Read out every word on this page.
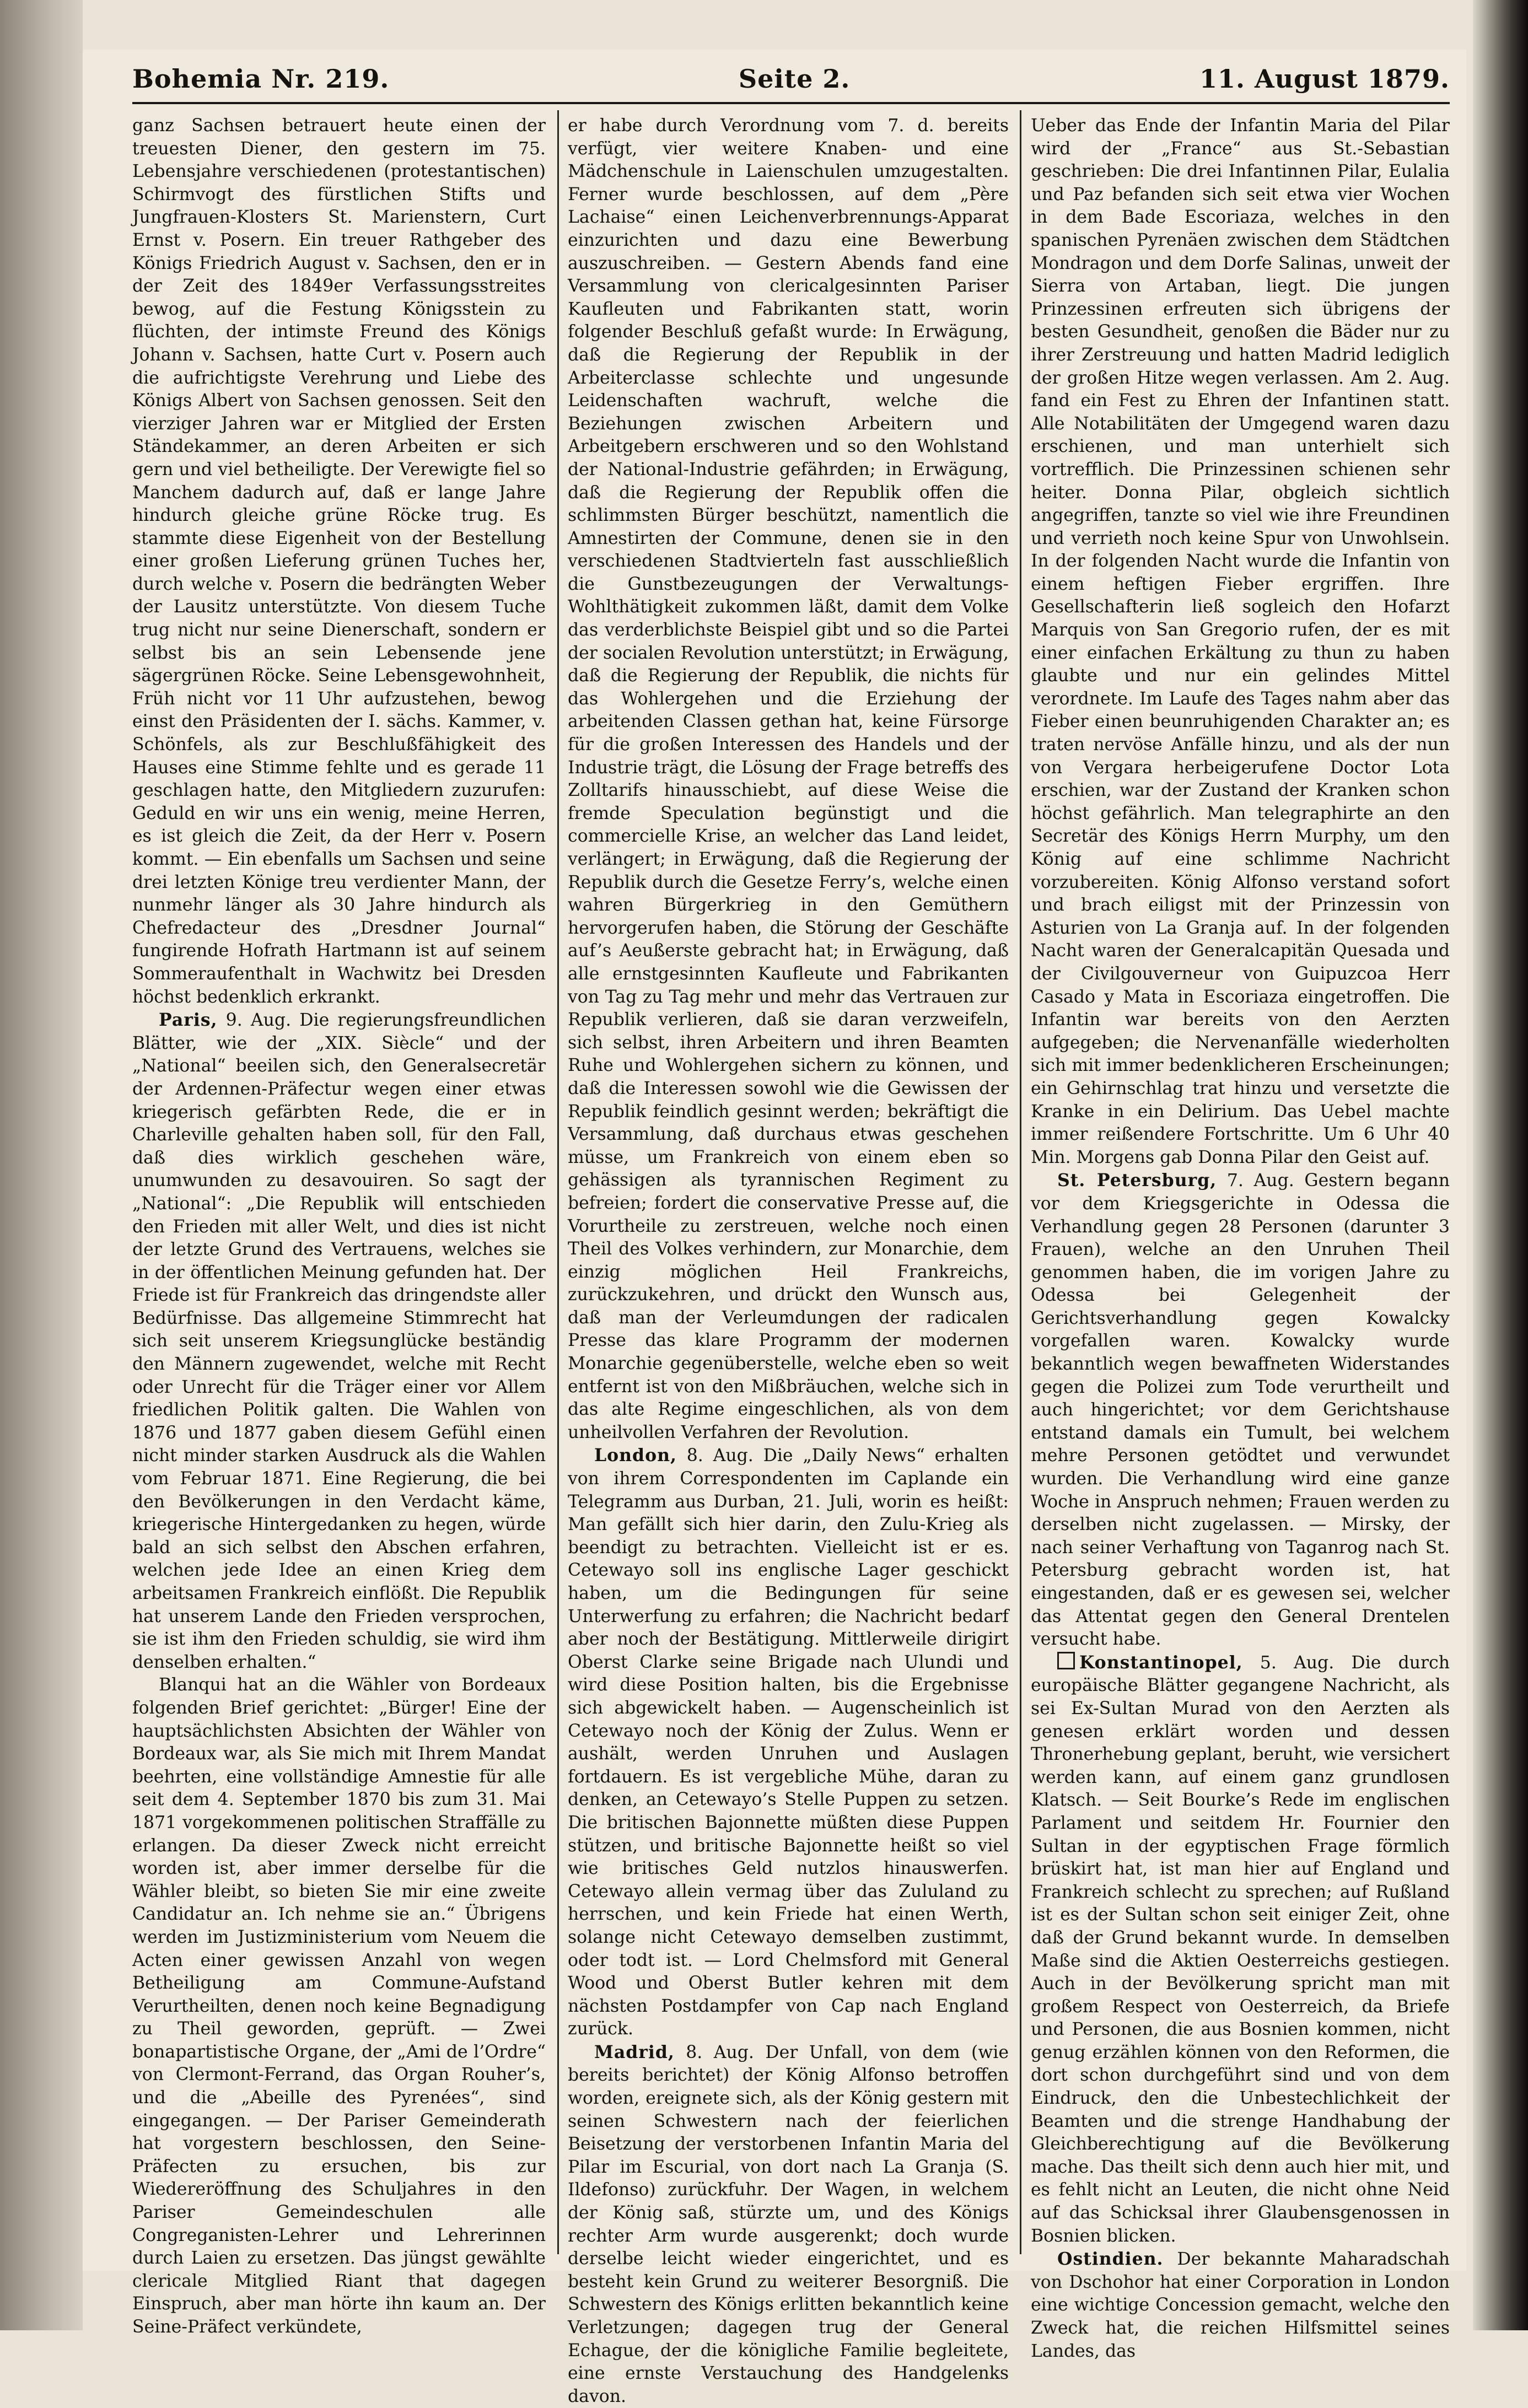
Bohemia Nr. 219.	Seite 2.	11. August 1879.

ganz Sachsen betrauert heute einen der treuesten Diener, den gestern im 75. Lebensjahre verschiedenen (protestantischen) Schirmvogt des fürstlichen Stifts und Jungfrauen-Klosters St. Marienstern, Curt Ernst v. Posern. Ein treuer Rathgeber des Königs Friedrich August v. Sachsen, den er in der Zeit des 1849er Verfassungsstreites bewog, auf die Festung Königsstein zu flüchten, der intimste Freund des Königs Johann v. Sachsen, hatte Curt v. Posern auch die aufrichtigste Verehrung und Liebe des Königs Albert von Sachsen genossen. Seit den vierziger Jahren war er Mitglied der Ersten Ständekammer, an deren Arbeiten er sich gern und viel betheiligte. Der Verewigte fiel so Manchem dadurch auf, daß er lange Jahre hindurch gleiche grüne Röcke trug. Es stammte diese Eigenheit von der Bestellung einer großen Lieferung grünen Tuches her, durch welche v. Posern die bedrängten Weber der Lausitz unterstützte. Von diesem Tuche trug nicht nur seine Dienerschaft, sondern er selbst bis an sein Lebensende jene sägergrünen Röcke. Seine Lebensgewohnheit, Früh nicht vor 11 Uhr aufzustehen, bewog einst den Präsidenten der I. sächs. Kammer, v. Schönfels, als zur Beschlußfähigkeit des Hauses eine Stimme fehlte und es gerade 11 geschlagen hatte, den Mitgliedern zuzurufen: Geduld en wir uns ein wenig, meine Herren, es ist gleich die Zeit, da der Herr v. Posern kommt. — Ein ebenfalls um Sachsen und seine drei letzten Könige treu verdienter Mann, der nunmehr länger als 30 Jahre hindurch als Chefredacteur des „Dresdner Journal“ fungirende Hofrath Hartmann ist auf seinem Sommeraufenthalt in Wachwitz bei Dresden höchst bedenklich erkrankt.

Paris, 9. Aug. Die regierungsfreundlichen Blätter, wie der „XIX. Siècle“ und der „National“ beeilen sich, den Generalsecretär der Ardennen-Präfectur wegen einer etwas kriegerisch gefärbten Rede, die er in Charleville gehalten haben soll, für den Fall, daß dies wirklich geschehen wäre, unumwunden zu desavouiren. So sagt der „National“: „Die Republik will entschieden den Frieden mit aller Welt, und dies ist nicht der letzte Grund des Vertrauens, welches sie in der öffentlichen Meinung gefunden hat. Der Friede ist für Frankreich das dringendste aller Bedürfnisse. Das allgemeine Stimmrecht hat sich seit unserem Kriegsunglücke beständig den Männern zugewendet, welche mit Recht oder Unrecht für die Träger einer vor Allem friedlichen Politik galten. Die Wahlen von 1876 und 1877 gaben diesem Gefühl einen nicht minder starken Ausdruck als die Wahlen vom Februar 1871. Eine Regierung, die bei den Bevölkerungen in den Verdacht käme, kriegerische Hintergedanken zu hegen, würde bald an sich selbst den Abschen erfahren, welchen jede Idee an einen Krieg dem arbeitsamen Frankreich einflößt. Die Republik hat unserem Lande den Frieden versprochen, sie ist ihm den Frieden schuldig, sie wird ihm denselben erhalten.“

Blanqui hat an die Wähler von Bordeaux folgenden Brief gerichtet: „Bürger! Eine der hauptsächlichsten Absichten der Wähler von Bordeaux war, als Sie mich mit Ihrem Mandat beehrten, eine vollständige Amnestie für alle seit dem 4. September 1870 bis zum 31. Mai 1871 vorgekommenen politischen Straffälle zu erlangen. Da dieser Zweck nicht erreicht worden ist, aber immer derselbe für die Wähler bleibt, so bieten Sie mir eine zweite Candidatur an. Ich nehme sie an.“ Übrigens werden im Justizministerium vom Neuem die Acten einer gewissen Anzahl von wegen Betheiligung am Commune-Aufstand Verurtheilten, denen noch keine Begnadigung zu Theil geworden, geprüft. — Zwei bonapartistische Organe, der „Ami de l’Ordre“ von Clermont-Ferrand, das Organ Rouher’s, und die „Abeille des Pyrenées“, sind eingegangen. — Der Pariser Gemeinderath hat vorgestern beschlossen, den Seine-Präfecten zu ersuchen, bis zur Wiedereröffnung des Schuljahres in den Pariser Gemeindeschulen alle Congreganisten-Lehrer und Lehrerinnen durch Laien zu ersetzen. Das jüngst gewählte clericale Mitglied Riant that dagegen Einspruch, aber man hörte ihn kaum an. Der Seine-Präfect verkündete,

er habe durch Verordnung vom 7. d. bereits verfügt, vier weitere Knaben- und eine Mädchenschule in Laienschulen umzugestalten. Ferner wurde beschlossen, auf dem „Père Lachaise“ einen Leichenverbrennungs-Apparat einzurichten und dazu eine Bewerbung auszuschreiben. — Gestern Abends fand eine Versammlung von clericalgesinnten Pariser Kaufleuten und Fabrikanten statt, worin folgender Beschluß gefaßt wurde: In Erwägung, daß die Regierung der Republik in der Arbeiterclasse schlechte und ungesunde Leidenschaften wachruft, welche die Beziehungen zwischen Arbeitern und Arbeitgebern erschweren und so den Wohlstand der National-Industrie gefährden; in Erwägung, daß die Regierung der Republik offen die schlimmsten Bürger beschützt, namentlich die Amnestirten der Commune, denen sie in den verschiedenen Stadtvierteln fast ausschließlich die Gunstbezeugungen der Verwaltungs-Wohlthätigkeit zukommen läßt, damit dem Volke das verderblichste Beispiel gibt und so die Partei der socialen Revolution unterstützt; in Erwägung, daß die Regierung der Republik, die nichts für das Wohlergehen und die Erziehung der arbeitenden Classen gethan hat, keine Fürsorge für die großen Interessen des Handels und der Industrie trägt, die Lösung der Frage betreffs des Zolltarifs hinausschiebt, auf diese Weise die fremde Speculation begünstigt und die commercielle Krise, an welcher das Land leidet, verlängert; in Erwägung, daß die Regierung der Republik durch die Gesetze Ferry’s, welche einen wahren Bürgerkrieg in den Gemüthern hervorgerufen haben, die Störung der Geschäfte auf’s Aeußerste gebracht hat; in Erwägung, daß alle ernstgesinnten Kaufleute und Fabrikanten von Tag zu Tag mehr und mehr das Vertrauen zur Republik verlieren, daß sie daran verzweifeln, sich selbst, ihren Arbeitern und ihren Beamten Ruhe und Wohlergehen sichern zu können, und daß die Interessen sowohl wie die Gewissen der Republik feindlich gesinnt werden; bekräftigt die Versammlung, daß durchaus etwas geschehen müsse, um Frankreich von einem eben so gehässigen als tyrannischen Regiment zu befreien; fordert die conservative Presse auf, die Vorurtheile zu zerstreuen, welche noch einen Theil des Volkes verhindern, zur Monarchie, dem einzig möglichen Heil Frankreichs, zurückzukehren, und drückt den Wunsch aus, daß man der Verleumdungen der radicalen Presse das klare Programm der modernen Monarchie gegenüberstelle, welche eben so weit entfernt ist von den Mißbräuchen, welche sich in das alte Regime eingeschlichen, als von dem unheilvollen Verfahren der Revolution.

London, 8. Aug. Die „Daily News“ erhalten von ihrem Correspondenten im Caplande ein Telegramm aus Durban, 21. Juli, worin es heißt: Man gefällt sich hier darin, den Zulu-Krieg als beendigt zu betrachten. Vielleicht ist er es. Cetewayo soll ins englische Lager geschickt haben, um die Bedingungen für seine Unterwerfung zu erfahren; die Nachricht bedarf aber noch der Bestätigung. Mittlerweile dirigirt Oberst Clarke seine Brigade nach Ulundi und wird diese Position halten, bis die Ergebnisse sich abgewickelt haben. — Augenscheinlich ist Cetewayo noch der König der Zulus. Wenn er aushält, werden Unruhen und Auslagen fortdauern. Es ist vergebliche Mühe, daran zu denken, an Cetewayo’s Stelle Puppen zu setzen. Die britischen Bajonnette müßten diese Puppen stützen, und britische Bajonnette heißt so viel wie britisches Geld nutzlos hinauswerfen. Cetewayo allein vermag über das Zululand zu herrschen, und kein Friede hat einen Werth, solange nicht Cetewayo demselben zustimmt, oder todt ist. — Lord Chelmsford mit General Wood und Oberst Butler kehren mit dem nächsten Postdampfer von Cap nach England zurück.

Madrid, 8. Aug. Der Unfall, von dem (wie bereits berichtet) der König Alfonso betroffen worden, ereignete sich, als der König gestern mit seinen Schwestern nach der feierlichen Beisetzung der verstorbenen Infantin Maria del Pilar im Escurial, von dort nach La Granja (S. Ildefonso) zurückfuhr. Der Wagen, in welchem der König saß, stürzte um, und des Königs rechter Arm wurde ausgerenkt; doch wurde derselbe leicht wieder eingerichtet, und es besteht kein Grund zu weiterer Besorgniß. Die Schwestern des Königs erlitten bekanntlich keine Verletzungen; dagegen trug der General Echague, der die königliche Familie begleitete, eine ernste Verstauchung des Handgelenks davon.

Ueber das Ende der Infantin Maria del Pilar wird der „France“ aus St.-Sebastian geschrieben: Die drei Infantinnen Pilar, Eulalia und Paz befanden sich seit etwa vier Wochen in dem Bade Escoriaza, welches in den spanischen Pyrenäen zwischen dem Städtchen Mondragon und dem Dorfe Salinas, unweit der Sierra von Artaban, liegt. Die jungen Prinzessinen erfreuten sich übrigens der besten Gesundheit, genoßen die Bäder nur zu ihrer Zerstreuung und hatten Madrid lediglich der großen Hitze wegen verlassen. Am 2. Aug. fand ein Fest zu Ehren der Infantinen statt. Alle Notabilitäten der Umgegend waren dazu erschienen, und man unterhielt sich vortrefflich. Die Prinzessinen schienen sehr heiter. Donna Pilar, obgleich sichtlich angegriffen, tanzte so viel wie ihre Freundinen und verrieth noch keine Spur von Unwohlsein. In der folgenden Nacht wurde die Infantin von einem heftigen Fieber ergriffen. Ihre Gesellschafterin ließ sogleich den Hofarzt Marquis von San Gregorio rufen, der es mit einer einfachen Erkältung zu thun zu haben glaubte und nur ein gelindes Mittel verordnete. Im Laufe des Tages nahm aber das Fieber einen beunruhigenden Charakter an; es traten nervöse Anfälle hinzu, und als der nun von Vergara herbeigerufene Doctor Lota erschien, war der Zustand der Kranken schon höchst gefährlich. Man telegraphirte an den Secretär des Königs Herrn Murphy, um den König auf eine schlimme Nachricht vorzubereiten. König Alfonso verstand sofort und brach eiligst mit der Prinzessin von Asturien von La Granja auf. In der folgenden Nacht waren der Generalcapitän Quesada und der Civilgouverneur von Guipuzcoa Herr Casado y Mata in Escoriaza eingetroffen. Die Infantin war bereits von den Aerzten aufgegeben; die Nervenanfälle wiederholten sich mit immer bedenklicheren Erscheinungen; ein Gehirnschlag trat hinzu und versetzte die Kranke in ein Delirium. Das Uebel machte immer reißendere Fortschritte. Um 6 Uhr 40 Min. Morgens gab Donna Pilar den Geist auf.

St. Petersburg, 7. Aug. Gestern begann vor dem Kriegsgerichte in Odessa die Verhandlung gegen 28 Personen (darunter 3 Frauen), welche an den Unruhen Theil genommen haben, die im vorigen Jahre zu Odessa bei Gelegenheit der Gerichtsverhandlung gegen Kowalcky vorgefallen waren. Kowalcky wurde bekanntlich wegen bewaffneten Widerstandes gegen die Polizei zum Tode verurtheilt und auch hingerichtet; vor dem Gerichtshause entstand damals ein Tumult, bei welchem mehre Personen getödtet und verwundet wurden. Die Verhandlung wird eine ganze Woche in Anspruch nehmen; Frauen werden zu derselben nicht zugelassen. — Mirsky, der nach seiner Verhaftung von Taganrog nach St. Petersburg gebracht worden ist, hat eingestanden, daß er es gewesen sei, welcher das Attentat gegen den General Drentelen versucht habe.

Konstantinopel, 5. Aug. Die durch europäische Blätter gegangene Nachricht, als sei Ex-Sultan Murad von den Aerzten als genesen erklärt worden und dessen Thronerhebung geplant, beruht, wie versichert werden kann, auf einem ganz grundlosen Klatsch. — Seit Bourke’s Rede im englischen Parlament und seitdem Hr. Fournier den Sultan in der egyptischen Frage förmlich brüskirt hat, ist man hier auf England und Frankreich schlecht zu sprechen; auf Rußland ist es der Sultan schon seit einiger Zeit, ohne daß der Grund bekannt wurde. In demselben Maße sind die Aktien Oesterreichs gestiegen. Auch in der Bevölkerung spricht man mit großem Respect von Oesterreich, da Briefe und Personen, die aus Bosnien kommen, nicht genug erzählen können von den Reformen, die dort schon durchgeführt sind und von dem Eindruck, den die Unbestechlichkeit der Beamten und die strenge Handhabung der Gleichberechtigung auf die Bevölkerung mache. Das theilt sich denn auch hier mit, und es fehlt nicht an Leuten, die nicht ohne Neid auf das Schicksal ihrer Glaubensgenossen in Bosnien blicken.

Ostindien. Der bekannte Maharadschah von Dschohor hat einer Corporation in London eine wichtige Concession gemacht, welche den Zweck hat, die reichen Hilfsmittel seines Landes, das
